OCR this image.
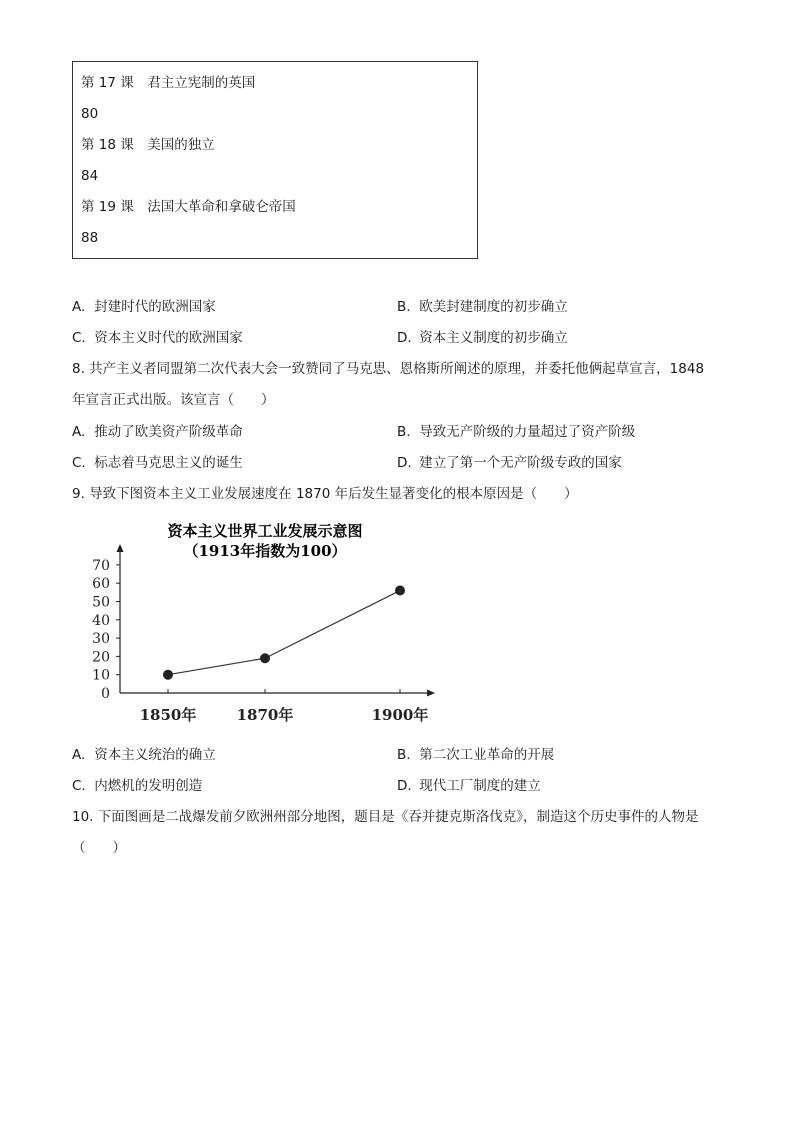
第 17 课　君主立宪制的英国
80
第 18 课　美国的独立
84
第 19 课　法国大革命和拿破仑帝国
88
A. 封建时代的欧洲国家	B. 欧美封建制度的初步确立
C. 资本主义时代的欧洲国家	D. 资本主义制度的初步确立
8. 共产主义者同盟第二次代表大会一致赞同了马克思、恩格斯所阐述的原理，并委托他俩起草宣言，1848
年宣言正式出版。该宣言（　　）
A. 推动了欧美资产阶级革命	B. 导致无产阶级的力量超过了资产阶级
C. 标志着马克思主义的诞生	D. 建立了第一个无产阶级专政的国家
9. 导致下图资本主义工业发展速度在 1870 年后发生显著变化的根本原因是（　　）
资本主义世界工业发展示意图
（1913年指数为100）
0
10
20
30
40
50
60
70
1850年	1870年	1900年
A. 资本主义统治的确立	B. 第二次工业革命的开展
C. 内燃机的发明创造	D. 现代工厂制度的建立
10. 下面图画是二战爆发前夕欧洲州部分地图，题目是《吞并捷克斯洛伐克》，制造这个历史事件的人物是
（　　）
